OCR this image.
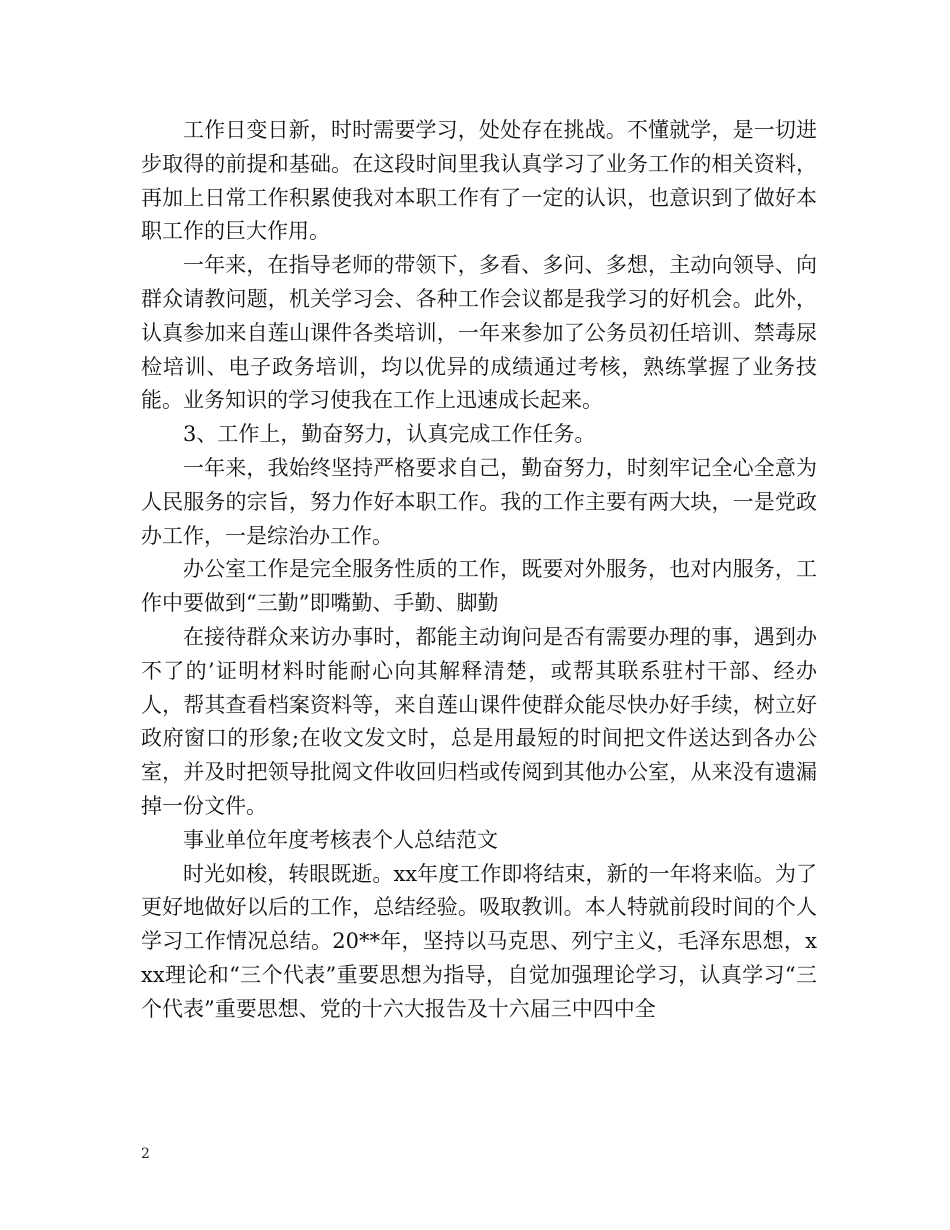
工作日变日新，时时需要学习，处处存在挑战。不懂就学，是一切进步取得的前提和基础。在这段时间里我认真学习了业务工作的相关资料，再加上日常工作积累使我对本职工作有了一定的认识，也意识到了做好本职工作的巨大作用。

一年来，在指导老师的带领下，多看、多问、多想，主动向领导、向群众请教问题，机关学习会、各种工作会议都是我学习的好机会。此外，认真参加来自莲山课件各类培训，一年来参加了公务员初任培训、禁毒尿检培训、电子政务培训，均以优异的成绩通过考核，熟练掌握了业务技能。业务知识的学习使我在工作上迅速成长起来。

3、工作上，勤奋努力，认真完成工作任务。

一年来，我始终坚持严格要求自己，勤奋努力，时刻牢记全心全意为人民服务的宗旨，努力作好本职工作。我的工作主要有两大块，一是党政办工作，一是综治办工作。

办公室工作是完全服务性质的工作，既要对外服务，也对内服务，工作中要做到“三勤”即嘴勤、手勤、脚勤

在接待群众来访办事时，都能主动询问是否有需要办理的事，遇到办不了的’证明材料时能耐心向其解释清楚，或帮其联系驻村干部、经办人，帮其查看档案资料等，来自莲山课件使群众能尽快办好手续，树立好政府窗口的形象;在收文发文时，总是用最短的时间把文件送达到各办公室，并及时把领导批阅文件收回归档或传阅到其他办公室，从来没有遗漏掉一份文件。

事业单位年度考核表个人总结范文

时光如梭，转眼既逝。xx年度工作即将结束，新的一年将来临。为了更好地做好以后的工作，总结经验。吸取教训。本人特就前段时间的个人学习工作情况总结。20**年，坚持以马克思、列宁主义，毛泽东思想，xxx理论和“三个代表”重要思想为指导，自觉加强理论学习，认真学习“三个代表”重要思想、党的十六大报告及十六届三中四中全

2
